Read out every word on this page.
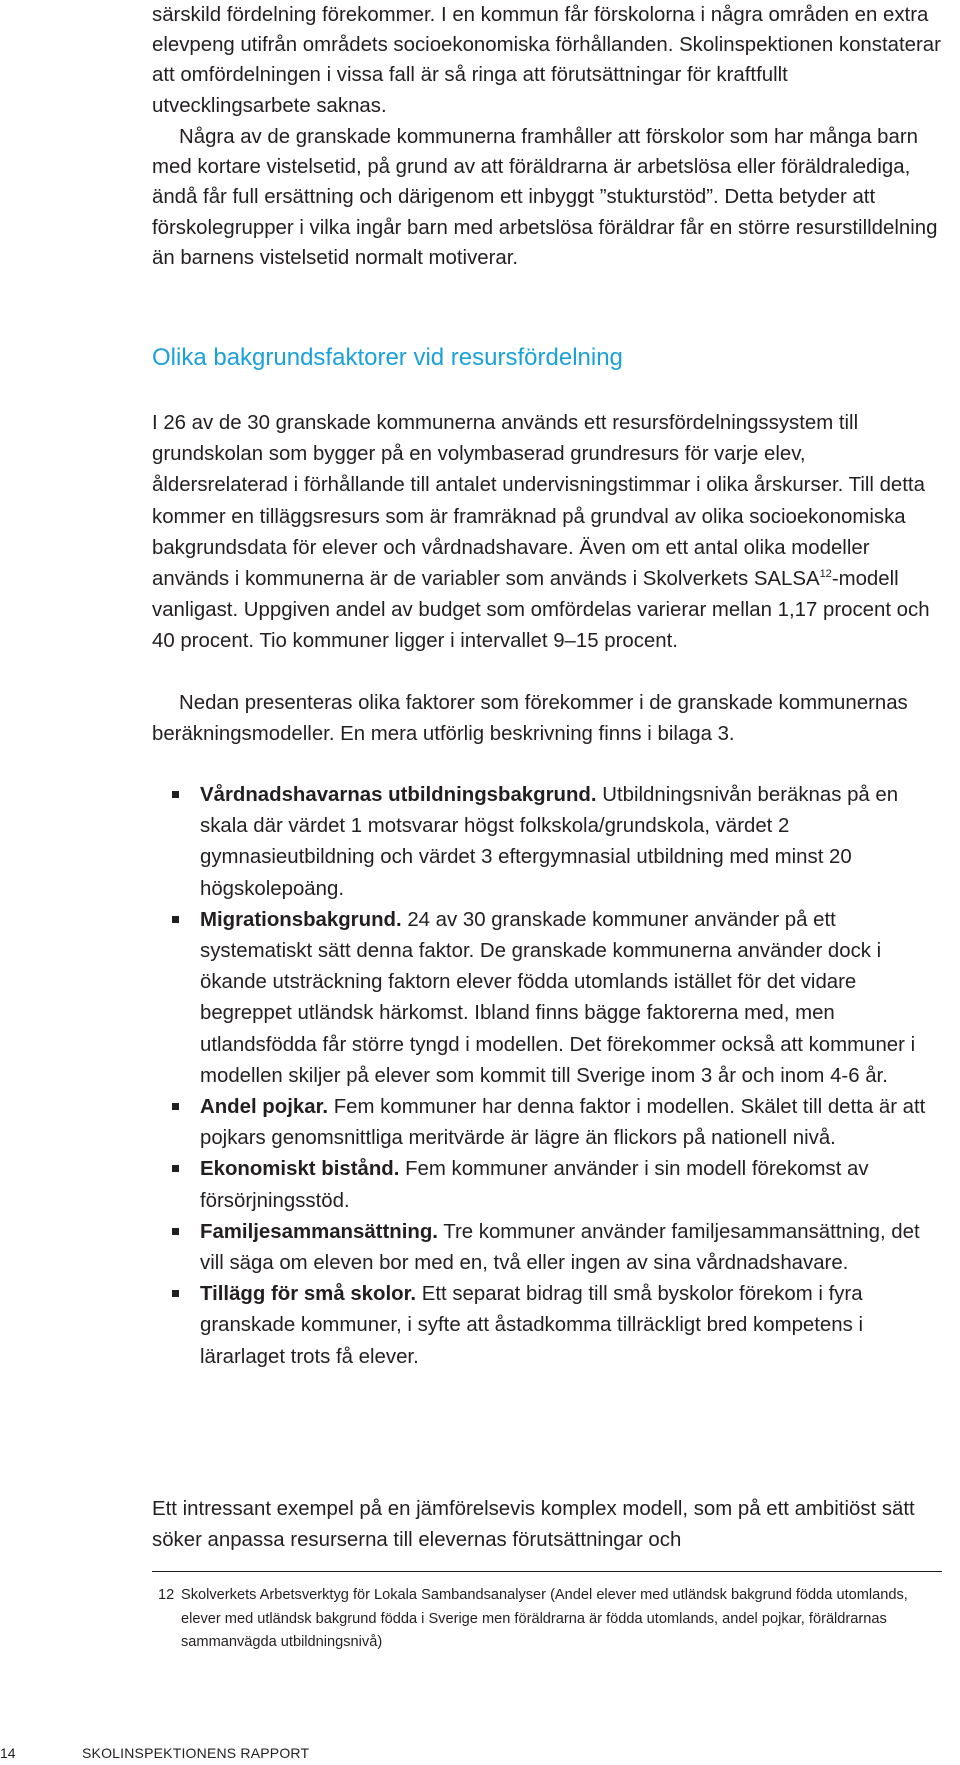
särskild fördelning förekommer. I en kommun får förskolorna i några områden en extra elevpeng utifrån områdets socioekonomiska förhållanden. Skolinspektionen konstaterar att omfördelningen i vissa fall är så ringa att förutsättningar för kraftfullt utvecklingsarbete saknas.

Några av de granskade kommunerna framhåller att förskolor som har många barn med kortare vistelsetid, på grund av att föräldrarna är arbetslösa eller föräldralediga, ändå får full ersättning och därigenom ett inbyggt ”stukturstöd”. Detta betyder att förskolegrupper i vilka ingår barn med arbetslösa föräldrar får en större resurstilldelning än barnens vistelsetid normalt motiverar.

Olika bakgrundsfaktorer vid resursfördelning

I 26 av de 30 granskade kommunerna används ett resursfördelningssystem till grundskolan som bygger på en volymbaserad grundresurs för varje elev, åldersrelaterad i förhållande till antalet undervisningstimmar i olika årskurser. Till detta kommer en tilläggsresurs som är framräknad på grundval av olika socioekonomiska bakgrundsdata för elever och vårdnadshavare. Även om ett antal olika modeller används i kommunerna är de variabler som används i Skolverkets SALSA$^{12}$-modell vanligast. Uppgiven andel av budget som omfördelas varierar mellan 1,17 procent och 40 procent. Tio kommuner ligger i intervallet 9–15 procent.

Nedan presenteras olika faktorer som förekommer i de granskade kommunernas beräkningsmodeller. En mera utförlig beskrivning finns i bilaga 3.

Vårdnadshavarnas utbildningsbakgrund. Utbildningsnivån beräknas på en skala där värdet 1 motsvarar högst folkskola/grundskola, värdet 2 gymnasieutbildning och värdet 3 eftergymnasial utbildning med minst 20 högskolepoäng.
Migrationsbakgrund. 24 av 30 granskade kommuner använder på ett systematiskt sätt denna faktor. De granskade kommunerna använder dock i ökande utsträckning faktorn elever födda utomlands istället för det vidare begreppet utländsk härkomst. Ibland finns bägge faktorerna med, men utlandsfödda får större tyngd i modellen. Det förekommer också att kommuner i modellen skiljer på elever som kommit till Sverige inom 3 år och inom 4-6 år.
Andel pojkar. Fem kommuner har denna faktor i modellen. Skälet till detta är att pojkars genomsnittliga meritvärde är lägre än flickors på nationell nivå.
Ekonomiskt bistånd. Fem kommuner använder i sin modell förekomst av försörjningsstöd.
Familjesammansättning. Tre kommuner använder familjesammansättning, det vill säga om eleven bor med en, två eller ingen av sina vårdnadshavare.
Tillägg för små skolor. Ett separat bidrag till små byskolor förekom i fyra granskade kommuner, i syfte att åstadkomma tillräckligt bred kompetens i lärarlaget trots få elever.

Ett intressant exempel på en jämförelsevis komplex modell, som på ett ambitiöst sätt söker anpassa resurserna till elevernas förutsättningar och

12 Skolverkets Arbetsverktyg för Lokala Sambandsanalyser (Andel elever med utländsk bakgrund födda utomlands, elever med utländsk bakgrund födda i Sverige men föräldrarna är födda utomlands, andel pojkar, föräldrarnas sammanvägda utbildningsnivå)
14	SKOLINSPEKTIONENS RAPPORT
